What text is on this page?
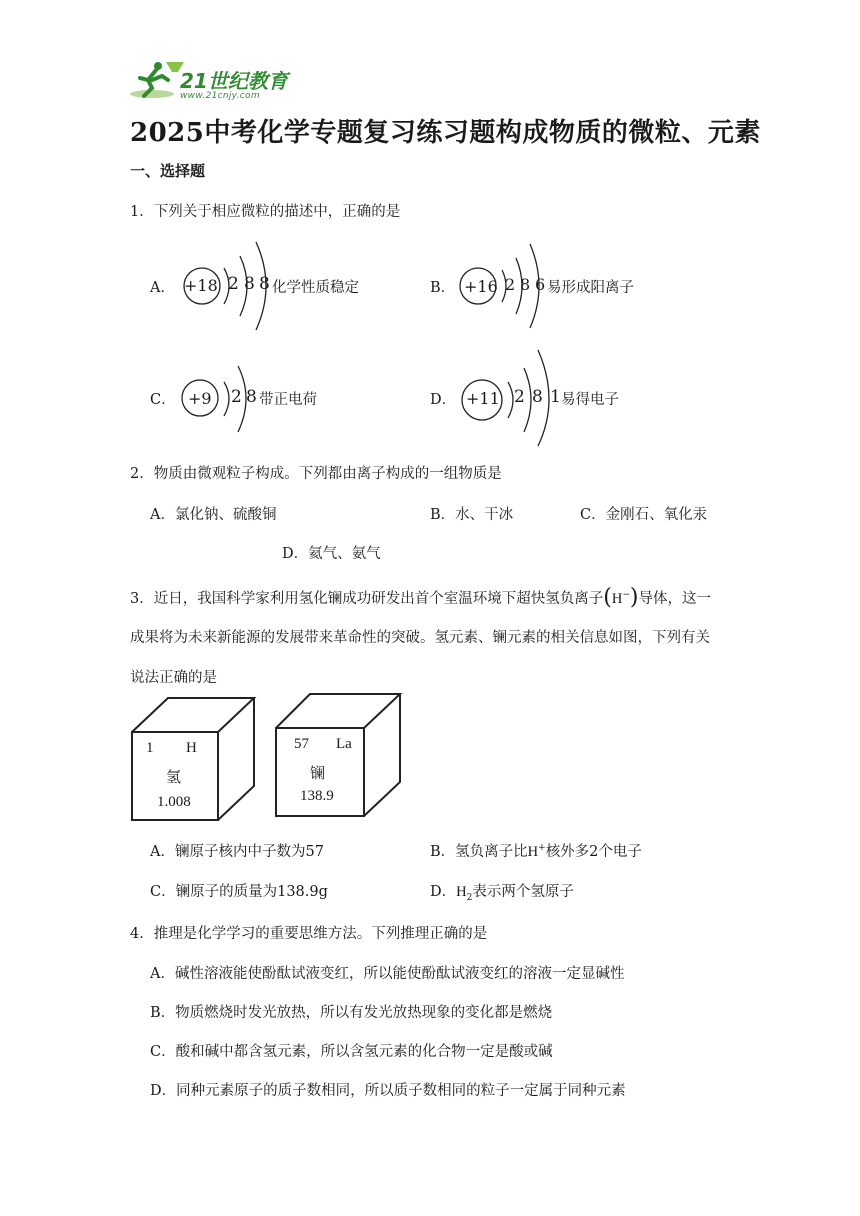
21世纪教育
www.21cnjy.com
2025中考化学专题复习练习题构成物质的微粒、元素
一、选择题
1．下列关于相应微粒的描述中，正确的是
A． +18 2 8 8 化学性质稳定	B． +16 2 8 6 易形成阳离子
C． +9 2 8 带正电荷	D． +11 2 8 1 易得电子
2．物质由微观粒子构成。下列都由离子构成的一组物质是
A．氯化钠、硫酸铜	B．水、干冰	C．金刚石、氧化汞
D．氦气、氨气
3．近日，我国科学家利用氢化镧成功研发出首个室温环境下超快氢负离子(H−)导体，这一
成果将为未来新能源的发展带来革命性的突破。氢元素、镧元素的相关信息如图，下列有关
说法正确的是
1 H
氢
1.008
57 La
镧
138.9
A．镧原子核内中子数为57	B．氢负离子比H+核外多2个电子
C．镧原子的质量为138.9g	D．$H_2$表示两个氢原子
4．推理是化学学习的重要思维方法。下列推理正确的是
A．碱性溶液能使酚酞试液变红，所以能使酚酞试液变红的溶液一定显碱性
B．物质燃烧时发光放热，所以有发光放热现象的变化都是燃烧
C．酸和碱中都含氢元素，所以含氢元素的化合物一定是酸或碱
D．同种元素原子的质子数相同，所以质子数相同的粒子一定属于同种元素
